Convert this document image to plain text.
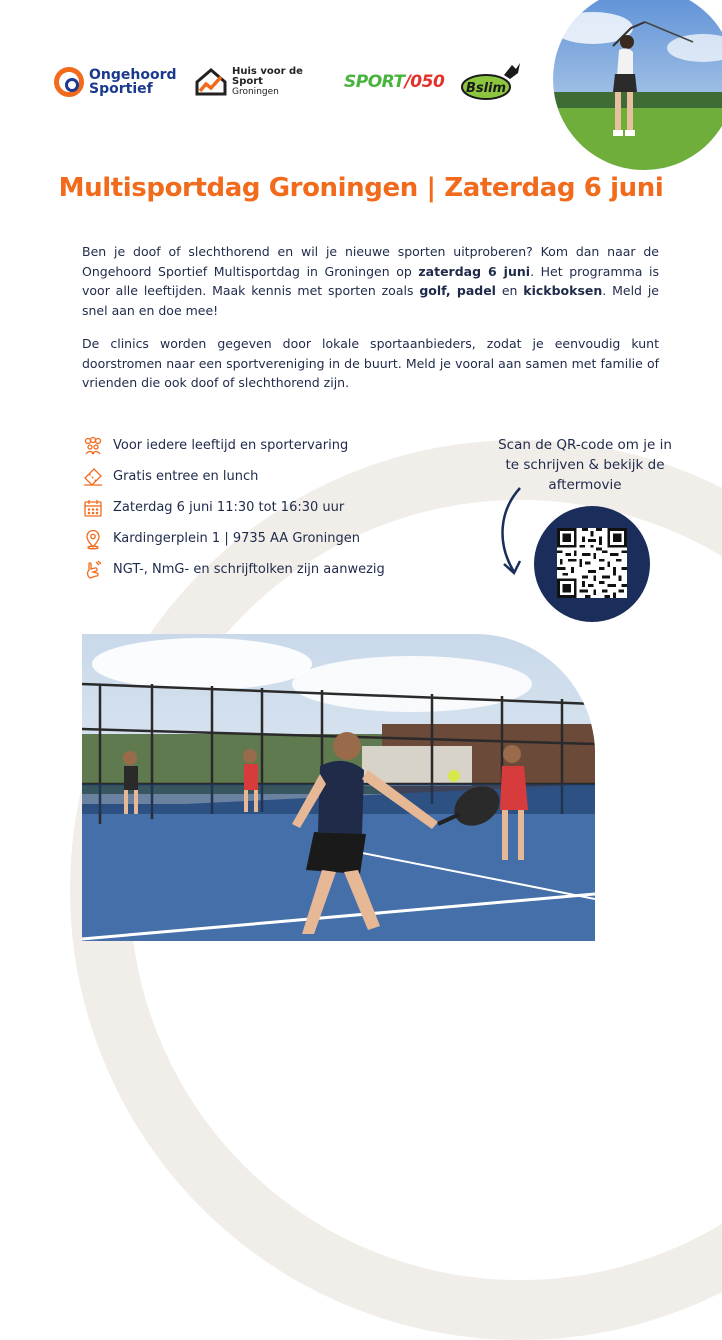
Ongehoord
Sportief
Huis voor de Sport
Groningen	SPORT/050 Bslim
Multisportdag Groningen | Zaterdag 6 juni
Ben je doof of slechthorend en wil je nieuwe sporten uitproberen? Kom dan naar de Ongehoord Sportief Multisportdag in Groningen op zaterdag 6 juni. Het programma is voor alle leeftijden. Maak kennis met sporten zoals golf, padel en kickboksen. Meld je snel aan en doe mee!
De clinics worden gegeven door lokale sportaanbieders, zodat je eenvoudig kunt doorstromen naar een sportvereniging in de buurt. Meld je vooral aan samen met familie of vrienden die ook doof of slechthorend zijn.
Voor iedere leeftijd en sportervaring
Gratis entree en lunch
Zaterdag 6 juni 11:30 tot 16:30 uur
Kardingerplein 1 | 9735 AA Groningen
NGT-, NmG- en schrijftolken zijn aanwezig
Scan de QR-code om je in te schrijven & bekijk de aftermovie
